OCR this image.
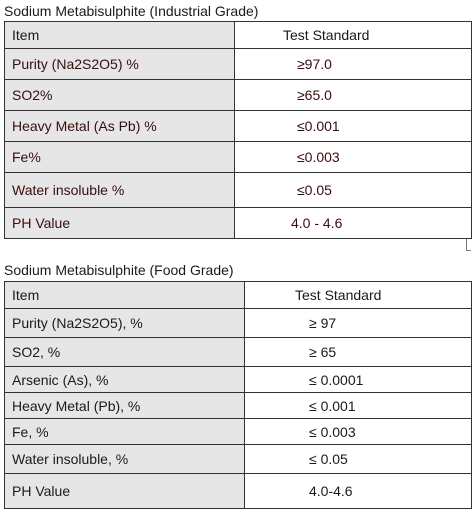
Sodium Metabisulphite (Industrial Grade)
Item	Test Standard
Purity (Na2S2O5) %	≥97.0
SO2%	≥65.0
Heavy Metal (As Pb) %	≤0.001
Fe%	≤0.003
Water insoluble %	≤0.05
PH Value	4.0 - 4.6
Sodium Metabisulphite (Food Grade)
Item	Test Standard
Purity (Na2S2O5), %	≥ 97
SO2, %	≥ 65
Arsenic (As), %	≤ 0.0001
Heavy Metal (Pb), %	≤ 0.001
Fe, %	≤ 0.003
Water insoluble, %	≤ 0.05
PH Value	4.0-4.6
